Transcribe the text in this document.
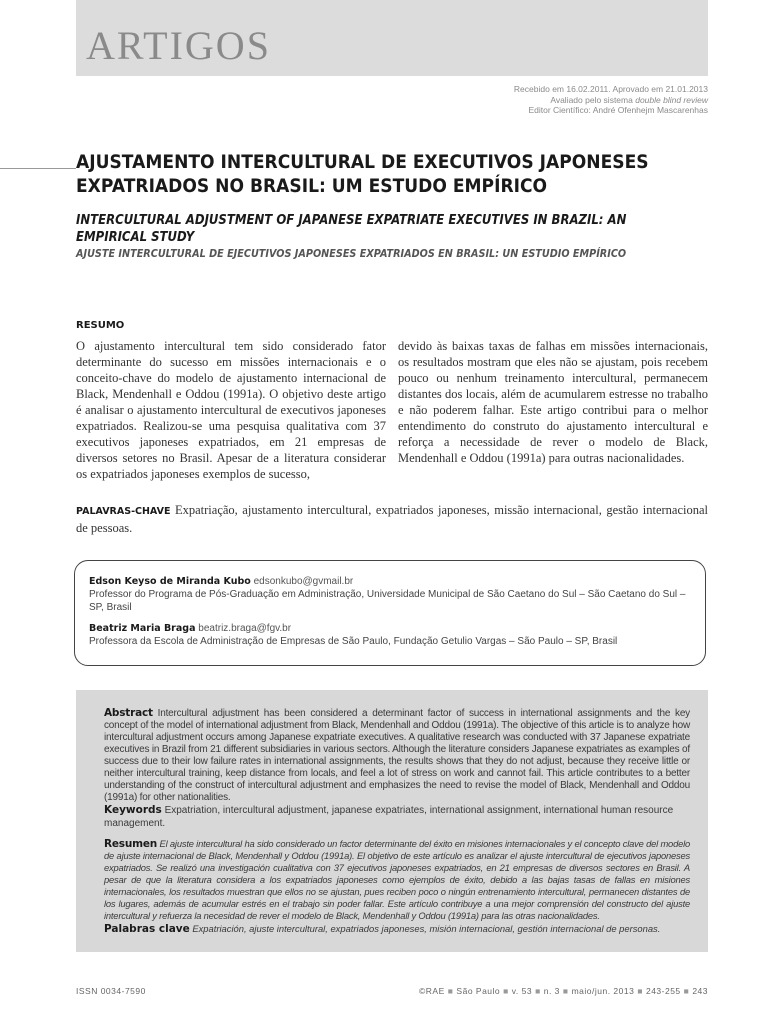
ARTIGOS
Recebido em 16.02.2011. Aprovado em 21.01.2013
Avaliado pelo sistema double blind review
Editor Científico: André Ofenhejm Mascarenhas
AJUSTAMENTO INTERCULTURAL DE EXECUTIVOS JAPONESES EXPATRIADOS NO BRASIL: UM ESTUDO EMPÍRICO
INTERCULTURAL ADJUSTMENT OF JAPANESE EXPATRIATE EXECUTIVES IN BRAZIL: AN EMPIRICAL STUDY
AJUSTE INTERCULTURAL DE EJECUTIVOS JAPONESES EXPATRIADOS EN BRASIL: UN ESTUDIO EMPÍRICO
RESUMO

O ajustamento intercultural tem sido considerado fator determinante do sucesso em missões internacionais e o conceito-chave do modelo de ajustamento internacional de Black, Mendenhall e Oddou (1991a). O objetivo deste artigo é analisar o ajustamento intercultural de executivos japoneses expatriados. Realizou-se uma pesquisa qualitativa com 37 executivos japoneses expatriados, em 21 empresas de diversos setores no Brasil. Apesar de a literatura considerar os expatriados japoneses exemplos de sucesso,

devido às baixas taxas de falhas em missões internacionais, os resultados mostram que eles não se ajustam, pois recebem pouco ou nenhum treinamento intercultural, permanecem distantes dos locais, além de acumularem estresse no trabalho e não poderem falhar. Este artigo contribui para o melhor entendimento do construto do ajustamento intercultural e reforça a necessidade de rever o modelo de Black, Mendenhall e Oddou (1991a) para outras nacionalidades.

PALAVRAS-CHAVE Expatriação, ajustamento intercultural, expatriados japoneses, missão internacional, gestão internacional de pessoas.

Edson Keyso de Miranda Kubo edsonkubo@gvmail.br
Professor do Programa de Pós-Graduação em Administração, Universidade Municipal de São Caetano do Sul – São Caetano do Sul – SP, Brasil

Beatriz Maria Braga beatriz.braga@fgv.br
Professora da Escola de Administração de Empresas de São Paulo, Fundação Getulio Vargas – São Paulo – SP, Brasil

Abstract Intercultural adjustment has been considered a determinant factor of success in international assignments and the key concept of the model of international adjustment from Black, Mendenhall and Oddou (1991a). The objective of this article is to analyze how intercultural adjustment occurs among Japanese expatriate executives. A qualitative research was conducted with 37 Japanese expatriate executives in Brazil from 21 different subsidiaries in various sectors. Although the literature considers Japanese expatriates as examples of success due to their low failure rates in international assignments, the results shows that they do not adjust, because they receive little or neither intercultural training, keep distance from locals, and feel a lot of stress on work and cannot fail. This article contributes to a better understanding of the construct of intercultural adjustment and emphasizes the need to revise the model of Black, Mendenhall and Oddou (1991a) for other nationalities.

Keywords Expatriation, intercultural adjustment, japanese expatriates, international assignment, international human resource management.

Resumen El ajuste intercultural ha sido considerado un factor determinante del éxito en misiones internacionales y el concepto clave del modelo de ajuste internacional de Black, Mendenhall y Oddou (1991a). El objetivo de este artículo es analizar el ajuste intercultural de ejecutivos japoneses expatriados. Se realizó una investigación cualitativa con 37 ejecutivos japoneses expatriados, en 21 empresas de diversos sectores en Brasil. A pesar de que la literatura considera a los expatriados japoneses como ejemplos de éxito, debido a las bajas tasas de fallas en misiones internacionales, los resultados muestran que ellos no se ajustan, pues reciben poco o ningún entrenamiento intercultural, permanecen distantes de los lugares, además de acumular estrés en el trabajo sin poder fallar. Este artículo contribuye a una mejor comprensión del constructo del ajuste intercultural y refuerza la necesidad de rever el modelo de Black, Mendenhall y Oddou (1991a) para las otras nacionalidades.

Palabras clave Expatriación, ajuste intercultural, expatriados japoneses, misión internacional, gestión internacional de personas.

ISSN 0034-7590	©RAE ■ São Paulo ■ v. 53 ■ n. 3 ■ maio/jun. 2013 ■ 243-255 ■ 243
